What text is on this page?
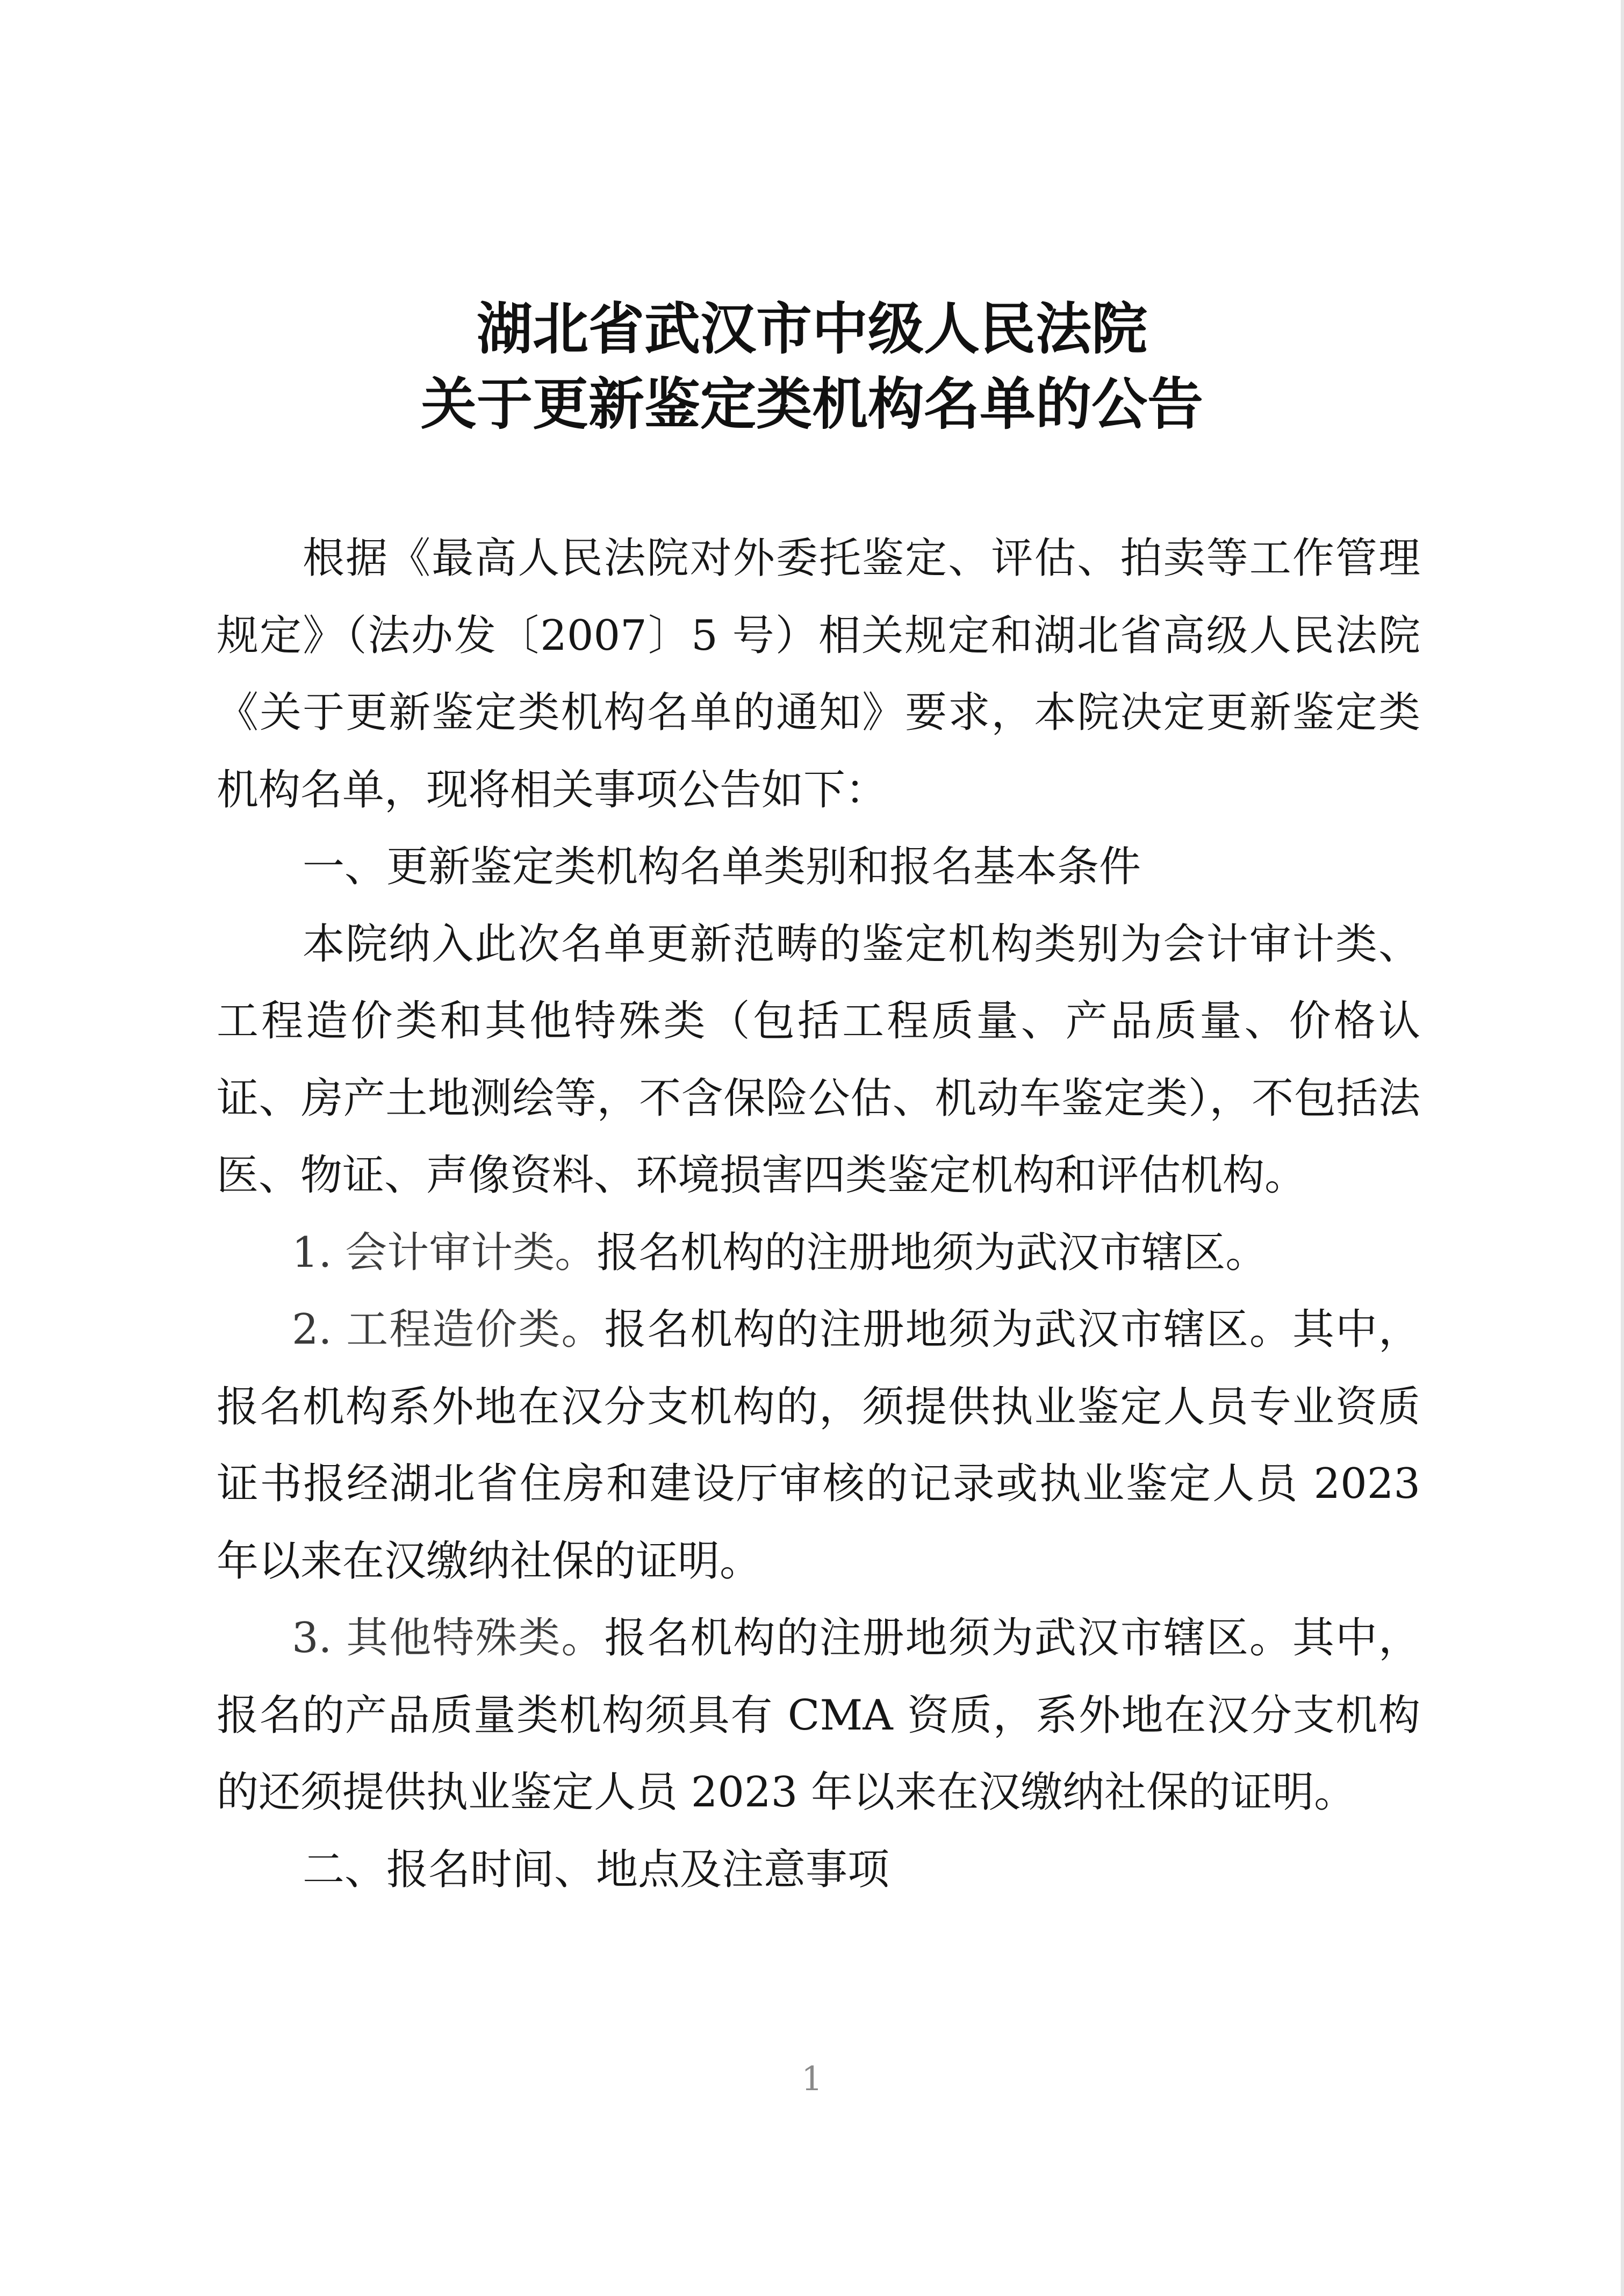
湖北省武汉市中级人民法院
关于更新鉴定类机构名单的公告

根据《最高人民法院对外委托鉴定、评估、拍卖等工作管理规定》（法办发〔2007〕5 号）相关规定和湖北省高级人民法院《关于更新鉴定类机构名单的通知》要求，本院决定更新鉴定类机构名单，现将相关事项公告如下：

一、更新鉴定类机构名单类别和报名基本条件

本院纳入此次名单更新范畴的鉴定机构类别为会计审计类、工程造价类和其他特殊类（包括工程质量、产品质量、价格认证、房产土地测绘等，不含保险公估、机动车鉴定类），不包括法医、物证、声像资料、环境损害四类鉴定机构和评估机构。

1. 会计审计类。报名机构的注册地须为武汉市辖区。

2. 工程造价类。报名机构的注册地须为武汉市辖区。其中，报名机构系外地在汉分支机构的，须提供执业鉴定人员专业资质证书报经湖北省住房和建设厅审核的记录或执业鉴定人员 2023 年以来在汉缴纳社保的证明。

3. 其他特殊类。报名机构的注册地须为武汉市辖区。其中，报名的产品质量类机构须具有 CMA 资质，系外地在汉分支机构的还须提供执业鉴定人员 2023 年以来在汉缴纳社保的证明。

二、报名时间、地点及注意事项

1
